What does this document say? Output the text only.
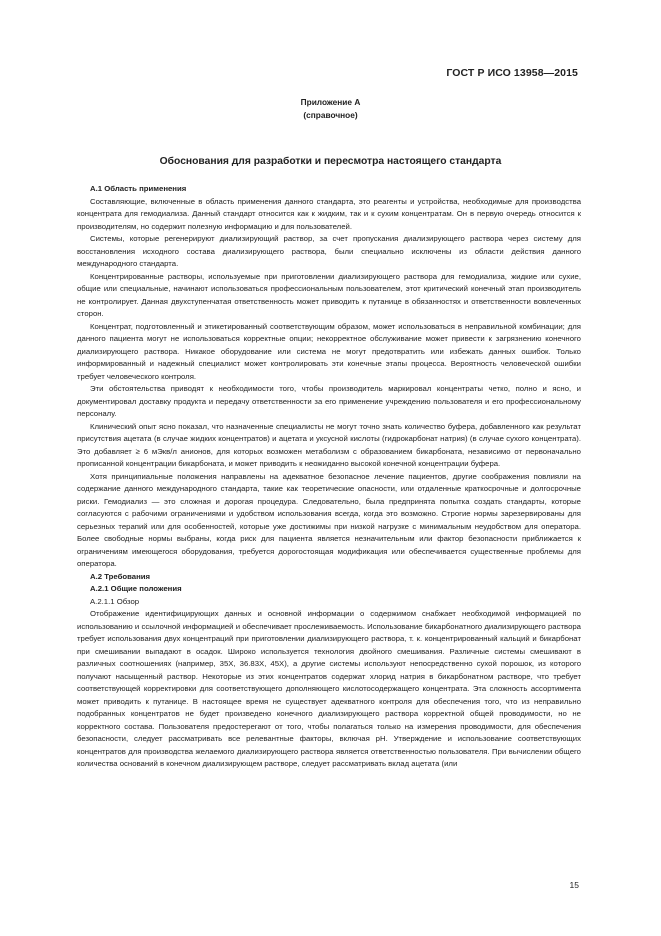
ГОСТ Р ИСО 13958—2015
Приложение А
(справочное)
Обоснования для разработки и пересмотра настоящего стандарта

А.1 Область применения

Составляющие, включенные в область применения данного стандарта, это реагенты и устройства, необходимые для производства концентрата для гемодиализа. Данный стандарт относится как к жидким, так и к сухим концентратам. Он в первую очередь относится к производителям, но содержит полезную информацию и для пользователей.

Системы, которые регенерируют диализирующий раствор, за счет пропускания диализирующего раствора через систему для восстановления исходного состава диализирующего раствора, были специально исключены из области действия данного международного стандарта.

Концентрированные растворы, используемые при приготовлении диализирующего раствора для гемодиализа, жидкие или сухие, общие или специальные, начинают использоваться профессиональным пользователем, этот критический конечный этап производитель не контролирует. Данная двухступенчатая ответственность может приводить к путанице в обязанностях и ответственности вовлеченных сторон.

Концентрат, подготовленный и этикетированный соответствующим образом, может использоваться в неправильной комбинации; для данного пациента могут не использоваться корректные опции; некорректное обслуживание может привести к загрязнению конечного диализирующего раствора. Никакое оборудование или система не могут предотвратить или избежать данных ошибок. Только информированный и надежный специалист может контролировать эти конечные этапы процесса. Вероятность человеческой ошибки требует человеческого контроля.

Эти обстоятельства приводят к необходимости того, чтобы производитель маркировал концентраты четко, полно и ясно, и документировал доставку продукта и передачу ответственности за его применение учреждению пользователя и его профессиональному персоналу.

Клинический опыт ясно показал, что назначенные специалисты не могут точно знать количество буфера, добавленного как результат присутствия ацетата (в случае жидких концентратов) и ацетата и уксусной кислоты (гидрокарбонат натрия) (в случае сухого концентрата). Это добавляет ≥ 6 мЭкв/л анионов, для которых возможен метаболизм с образованием бикарбоната, независимо от первоначально прописанной концентрации бикарбоната, и может приводить к неожиданно высокой конечной концентрации буфера.

Хотя принципиальные положения направлены на адекватное безопасное лечение пациентов, другие соображения повлияли на содержание данного международного стандарта, такие как теоретические опасности, или отдаленные краткосрочные и долгосрочные риски. Гемодиализ — это сложная и дорогая процедура. Следовательно, была предпринята попытка создать стандарты, которые согласуются с рабочими ограничениями и удобством использования всегда, когда это возможно. Строгие нормы зарезервированы для серьезных терапий или для особенностей, которые уже достижимы при низкой нагрузке с минимальным неудобством для оператора. Более свободные нормы выбраны, когда риск для пациента является незначительным или фактор безопасности приближается к ограничениям имеющегося оборудования, требуется дорогостоящая модификация или обеспечивается существенные проблемы для оператора.

А.2 Требования

А.2.1 Общие положения

А.2.1.1 Обзор

Отображение идентифицирующих данных и основной информации о содержимом снабжает необходимой информацией по использованию и ссылочной информацией и обеспечивает прослеживаемость. Использование бикарбонатного диализирующего раствора требует использования двух концентраций при приготовлении диализирующего раствора, т. к. концентрированный кальций и бикарбонат при смешивании выпадают в осадок. Широко используется технология двойного смешивания. Различные системы смешивают в различных соотношениях (например, 35Х, 36.83Х, 45Х), а другие системы используют непосредственно сухой порошок, из которого получают насыщенный раствор. Некоторые из этих концентратов содержат хлорид натрия в бикарбонатном растворе, что требует соответствующей корректировки для соответствующего дополняющего кислотосодержащего концентрата. Эта сложность ассортимента может приводить к путанице. В настоящее время не существует адекватного контроля для обеспечения того, что из неправильно подобранных концентратов не будет произведено конечного диализирующего раствора корректной общей проводимости, но не корректного состава. Пользователя предостерегают от того, чтобы полагаться только на измерения проводимости, для обеспечения безопасности, следует рассматривать все релевантные факторы, включая pH. Утверждение и использование соответствующих концентратов для производства желаемого диализирующего раствора является ответственностью пользователя. При вычислении общего количества оснований в конечном диализирующем растворе, следует рассматривать вклад ацетата (или

15
